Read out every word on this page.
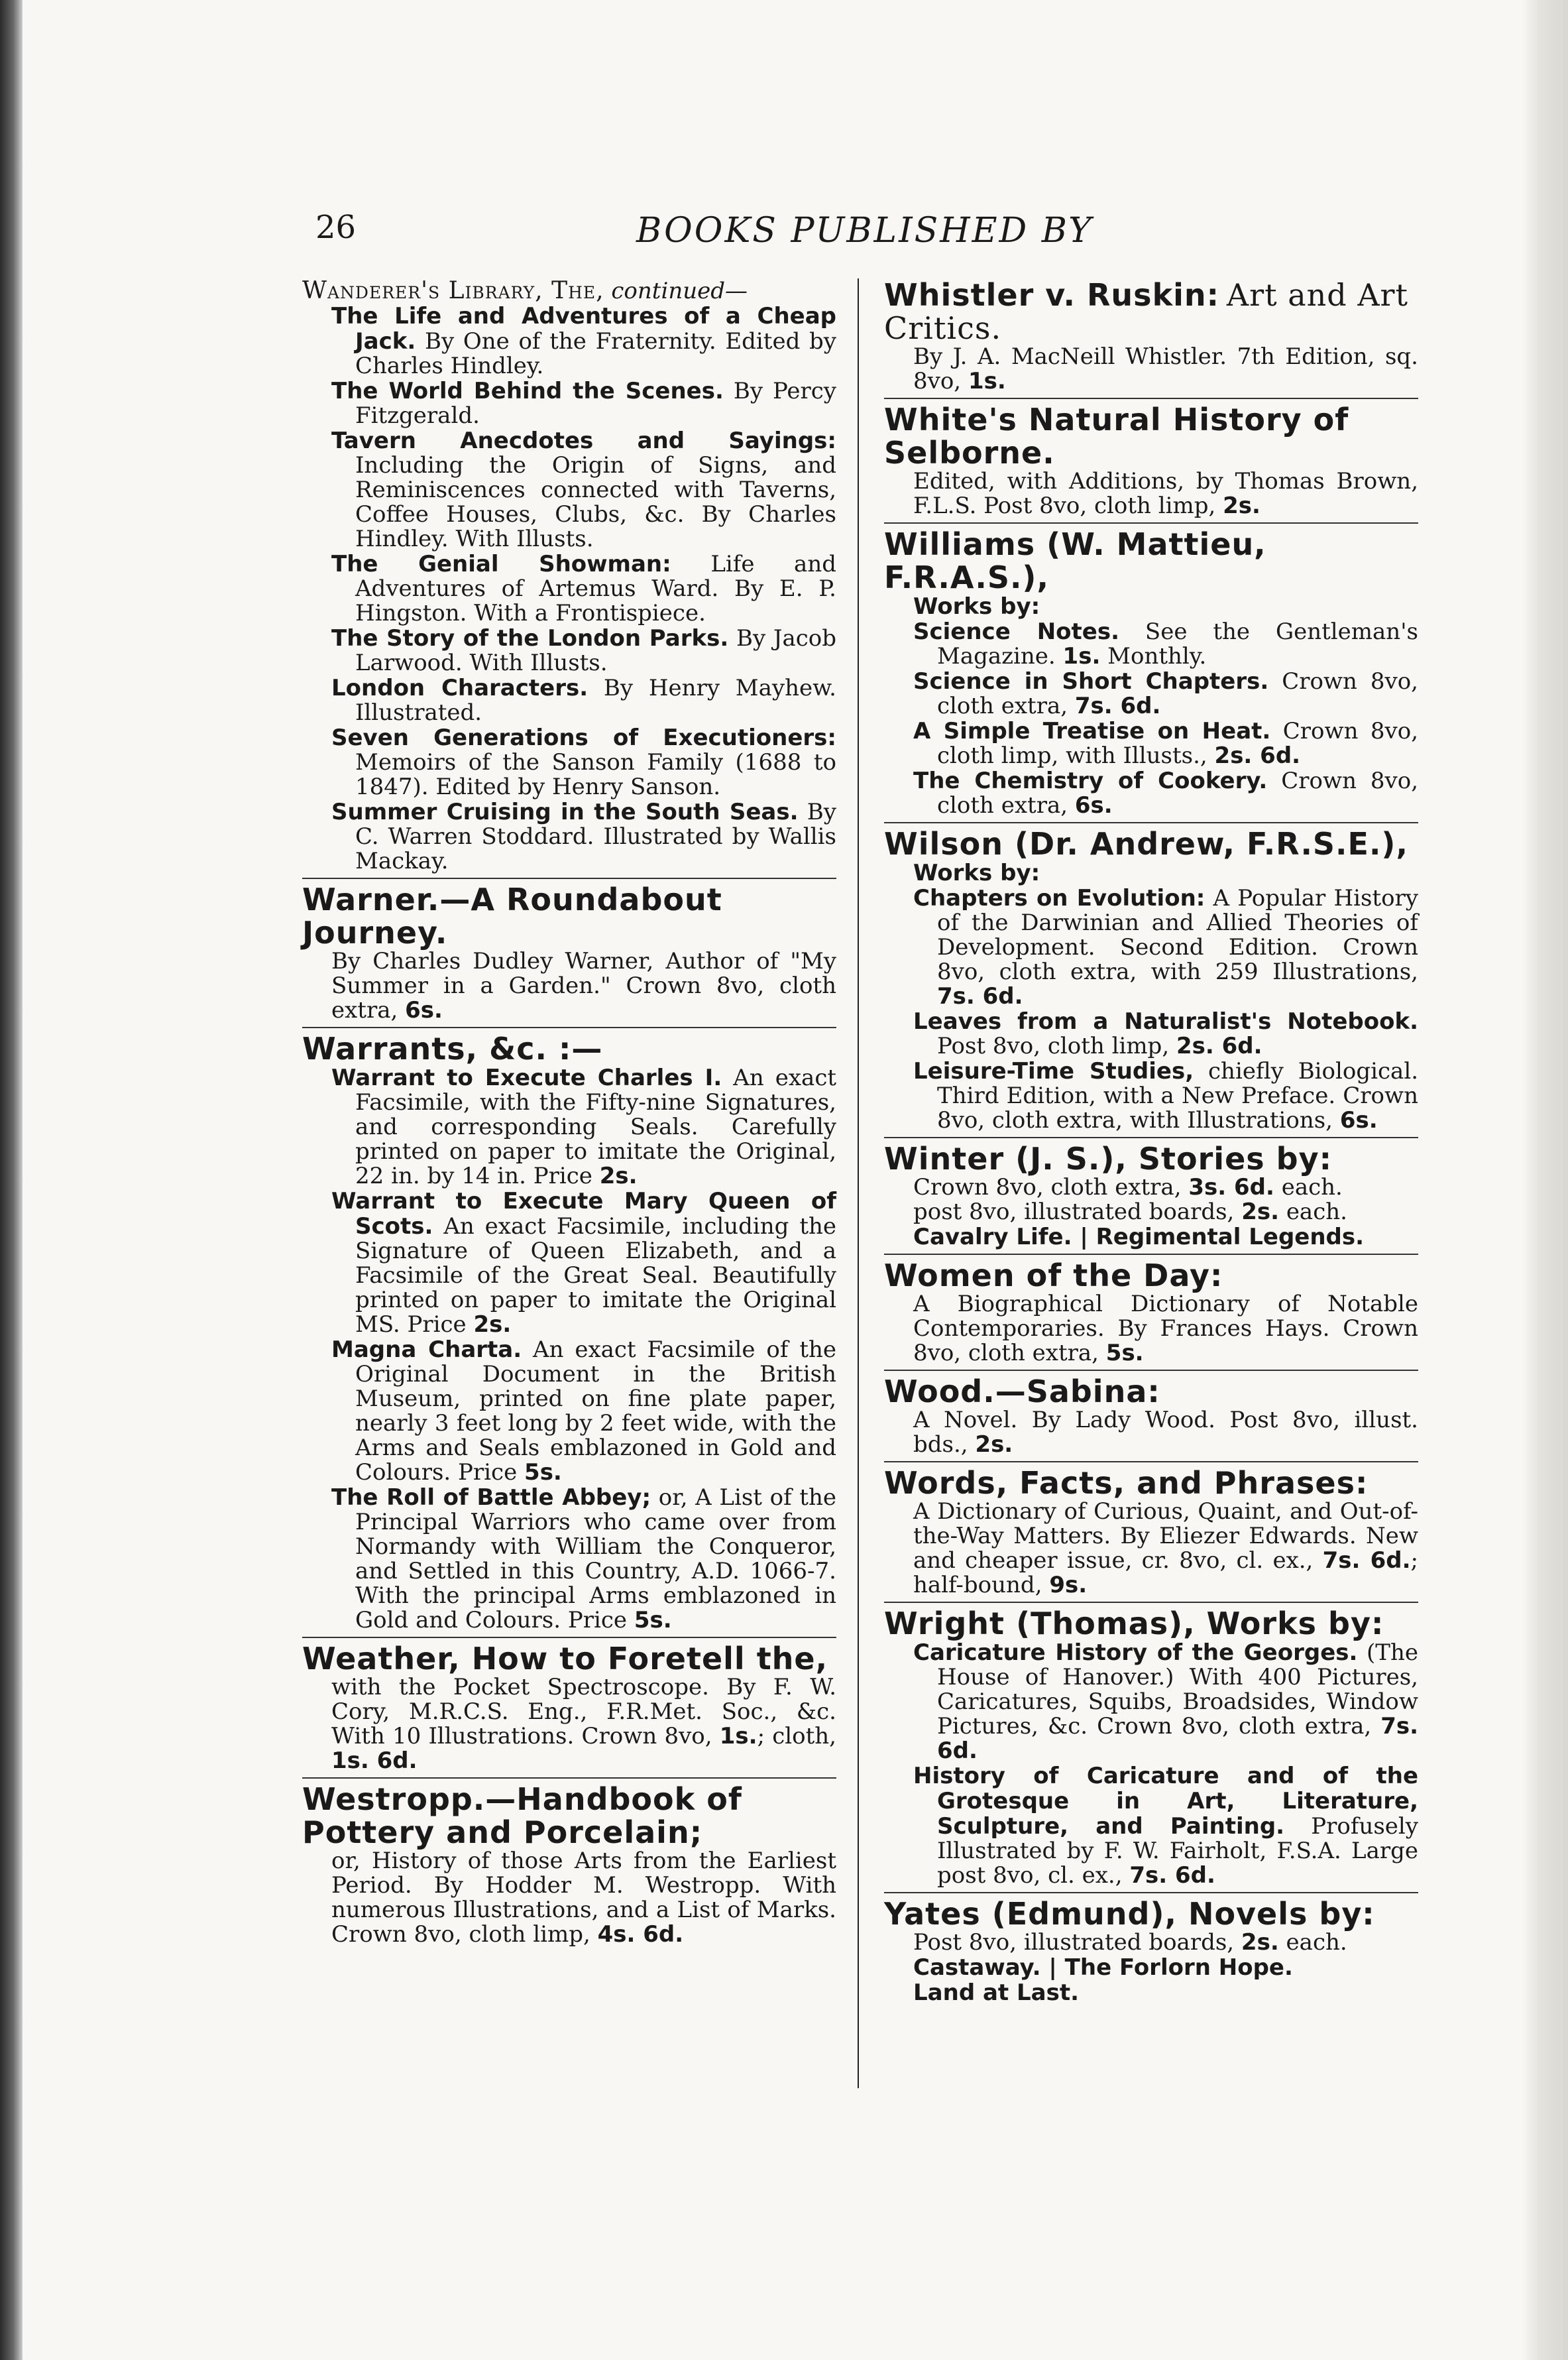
26	BOOKS PUBLISHED BY
Wanderer's Library, The, continued—
The Life and Adventures of a Cheap Jack. By One of the Fraternity. Edited by Charles Hindley.
The World Behind the Scenes. By Percy Fitzgerald.
Tavern Anecdotes and Sayings: Including the Origin of Signs, and Reminiscences connected with Taverns, Coffee Houses, Clubs, &c. By Charles Hindley. With Illusts.
The Genial Showman: Life and Adventures of Artemus Ward. By E. P. Hingston. With a Frontispiece.
The Story of the London Parks. By Jacob Larwood. With Illusts.
London Characters. By Henry Mayhew. Illustrated.
Seven Generations of Executioners: Memoirs of the Sanson Family (1688 to 1847). Edited by Henry Sanson.
Summer Cruising in the South Seas. By C. Warren Stoddard. Illustrated by Wallis Mackay.
Warner.—A Roundabout Journey.
By Charles Dudley Warner, Author of "My Summer in a Garden." Crown 8vo, cloth extra, 6s.
Warrants, &c. :—
Warrant to Execute Charles I. An exact Facsimile, with the Fifty-nine Signatures, and corresponding Seals. Carefully printed on paper to imitate the Original, 22 in. by 14 in. Price 2s.
Warrant to Execute Mary Queen of Scots. An exact Facsimile, including the Signature of Queen Elizabeth, and a Facsimile of the Great Seal. Beautifully printed on paper to imitate the Original MS. Price 2s.
Magna Charta. An exact Facsimile of the Original Document in the British Museum, printed on fine plate paper, nearly 3 feet long by 2 feet wide, with the Arms and Seals emblazoned in Gold and Colours. Price 5s.
The Roll of Battle Abbey; or, A List of the Principal Warriors who came over from Normandy with William the Conqueror, and Settled in this Country, A.D. 1066-7. With the principal Arms emblazoned in Gold and Colours. Price 5s.
Weather, How to Foretell the,
with the Pocket Spectroscope. By F. W. Cory, M.R.C.S. Eng., F.R.Met. Soc., &c. With 10 Illustrations. Crown 8vo, 1s.; cloth, 1s. 6d.
Westropp.—Handbook of Pottery and Porcelain;
or, History of those Arts from the Earliest Period. By Hodder M. Westropp. With numerous Illustrations, and a List of Marks. Crown 8vo, cloth limp, 4s. 6d.
Whistler v. Ruskin: Art and Art Critics.
By J. A. MacNeill Whistler. 7th Edition, sq. 8vo, 1s.
White's Natural History of Selborne.
Edited, with Additions, by Thomas Brown, F.L.S. Post 8vo, cloth limp, 2s.
Williams (W. Mattieu, F.R.A.S.),
Works by:
Science Notes. See the Gentleman's Magazine. 1s. Monthly.
Science in Short Chapters. Crown 8vo, cloth extra, 7s. 6d.
A Simple Treatise on Heat. Crown 8vo, cloth limp, with Illusts., 2s. 6d.
The Chemistry of Cookery. Crown 8vo, cloth extra, 6s.
Wilson (Dr. Andrew, F.R.S.E.),
Works by:
Chapters on Evolution: A Popular History of the Darwinian and Allied Theories of Development. Second Edition. Crown 8vo, cloth extra, with 259 Illustrations, 7s. 6d.
Leaves from a Naturalist's Notebook. Post 8vo, cloth limp, 2s. 6d.
Leisure-Time Studies, chiefly Biological. Third Edition, with a New Preface. Crown 8vo, cloth extra, with Illustrations, 6s.
Winter (J. S.), Stories by:
Crown 8vo, cloth extra, 3s. 6d. each.
post 8vo, illustrated boards, 2s. each.
Cavalry Life. | Regimental Legends.
Women of the Day:
A Biographical Dictionary of Notable Contemporaries. By Frances Hays. Crown 8vo, cloth extra, 5s.
Wood.—Sabina:
A Novel. By Lady Wood. Post 8vo, illust. bds., 2s.
Words, Facts, and Phrases:
A Dictionary of Curious, Quaint, and Out-of-the-Way Matters. By Eliezer Edwards. New and cheaper issue, cr. 8vo, cl. ex., 7s. 6d.; half-bound, 9s.
Wright (Thomas), Works by:
Caricature History of the Georges. (The House of Hanover.) With 400 Pictures, Caricatures, Squibs, Broadsides, Window Pictures, &c. Crown 8vo, cloth extra, 7s. 6d.
History of Caricature and of the Grotesque in Art, Literature, Sculpture, and Painting. Profusely Illustrated by F. W. Fairholt, F.S.A. Large post 8vo, cl. ex., 7s. 6d.
Yates (Edmund), Novels by:
Post 8vo, illustrated boards, 2s. each.
Castaway. | The Forlorn Hope.
Land at Last.
